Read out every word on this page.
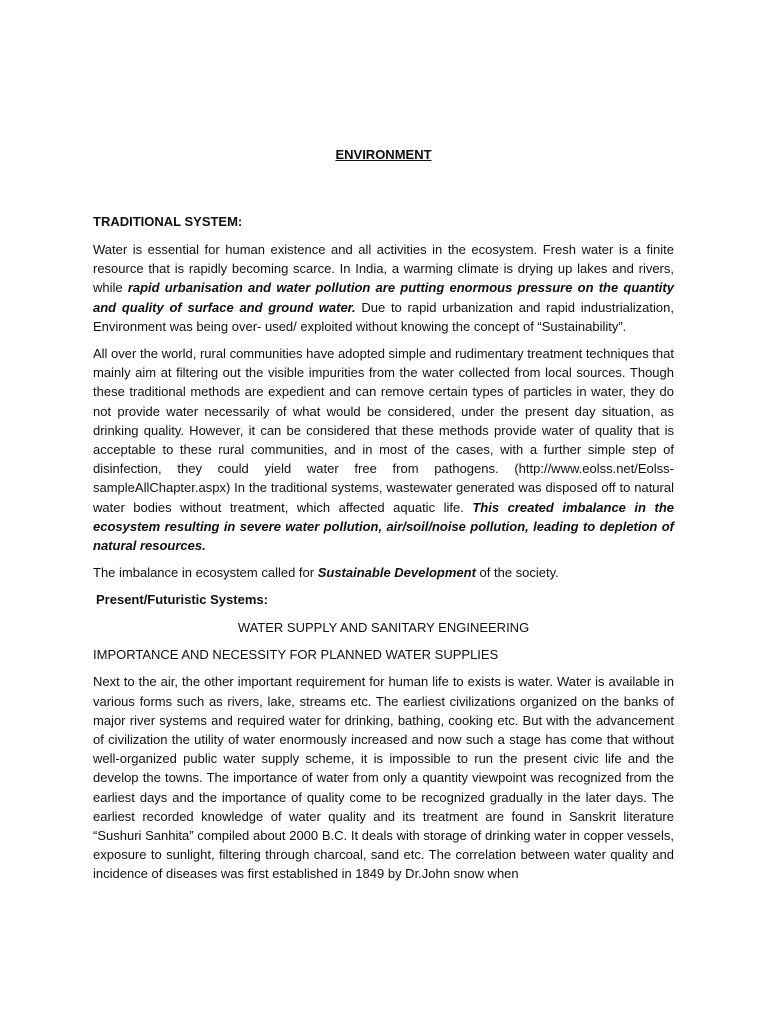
ENVIRONMENT
TRADITIONAL SYSTEM:

Water is essential for human existence and all activities in the ecosystem. Fresh water is a finite resource that is rapidly becoming scarce. In India, a warming climate is drying up lakes and rivers, while rapid urbanisation and water pollution are putting enormous pressure on the quantity and quality of surface and ground water. Due to rapid urbanization and rapid industrialization, Environment was being over- used/ exploited without knowing the concept of “Sustainability”.

All over the world, rural communities have adopted simple and rudimentary treatment techniques that mainly aim at filtering out the visible impurities from the water collected from local sources. Though these traditional methods are expedient and can remove certain types of particles in water, they do not provide water necessarily of what would be considered, under the present day situation, as drinking quality. However, it can be considered that these methods provide water of quality that is acceptable to these rural communities, and in most of the cases, with a further simple step of disinfection, they could yield water free from pathogens. (http://www.eolss.net/Eolss-sampleAllChapter.aspx) In the traditional systems, wastewater generated was disposed off to natural water bodies without treatment, which affected aquatic life. This created imbalance in the ecosystem resulting in severe water pollution, air/soil/noise pollution, leading to depletion of natural resources.

The imbalance in ecosystem called for Sustainable Development of the society.

Present/Futuristic Systems:
WATER SUPPLY AND SANITARY ENGINEERING
IMPORTANCE AND NECESSITY FOR PLANNED WATER SUPPLIES

Next to the air, the other important requirement for human life to exists is water. Water is available in various forms such as rivers, lake, streams etc. The earliest civilizations organized on the banks of major river systems and required water for drinking, bathing, cooking etc. But with the advancement of civilization the utility of water enormously increased and now such a stage has come that without well-organized public water supply scheme, it is impossible to run the present civic life and the develop the towns. The importance of water from only a quantity viewpoint was recognized from the earliest days and the importance of quality come to be recognized gradually in the later days. The earliest recorded knowledge of water quality and its treatment are found in Sanskrit literature “Sushuri Sanhita” compiled about 2000 B.C. It deals with storage of drinking water in copper vessels, exposure to sunlight, filtering through charcoal, sand etc. The correlation between water quality and incidence of diseases was first established in 1849 by Dr.John snow when
